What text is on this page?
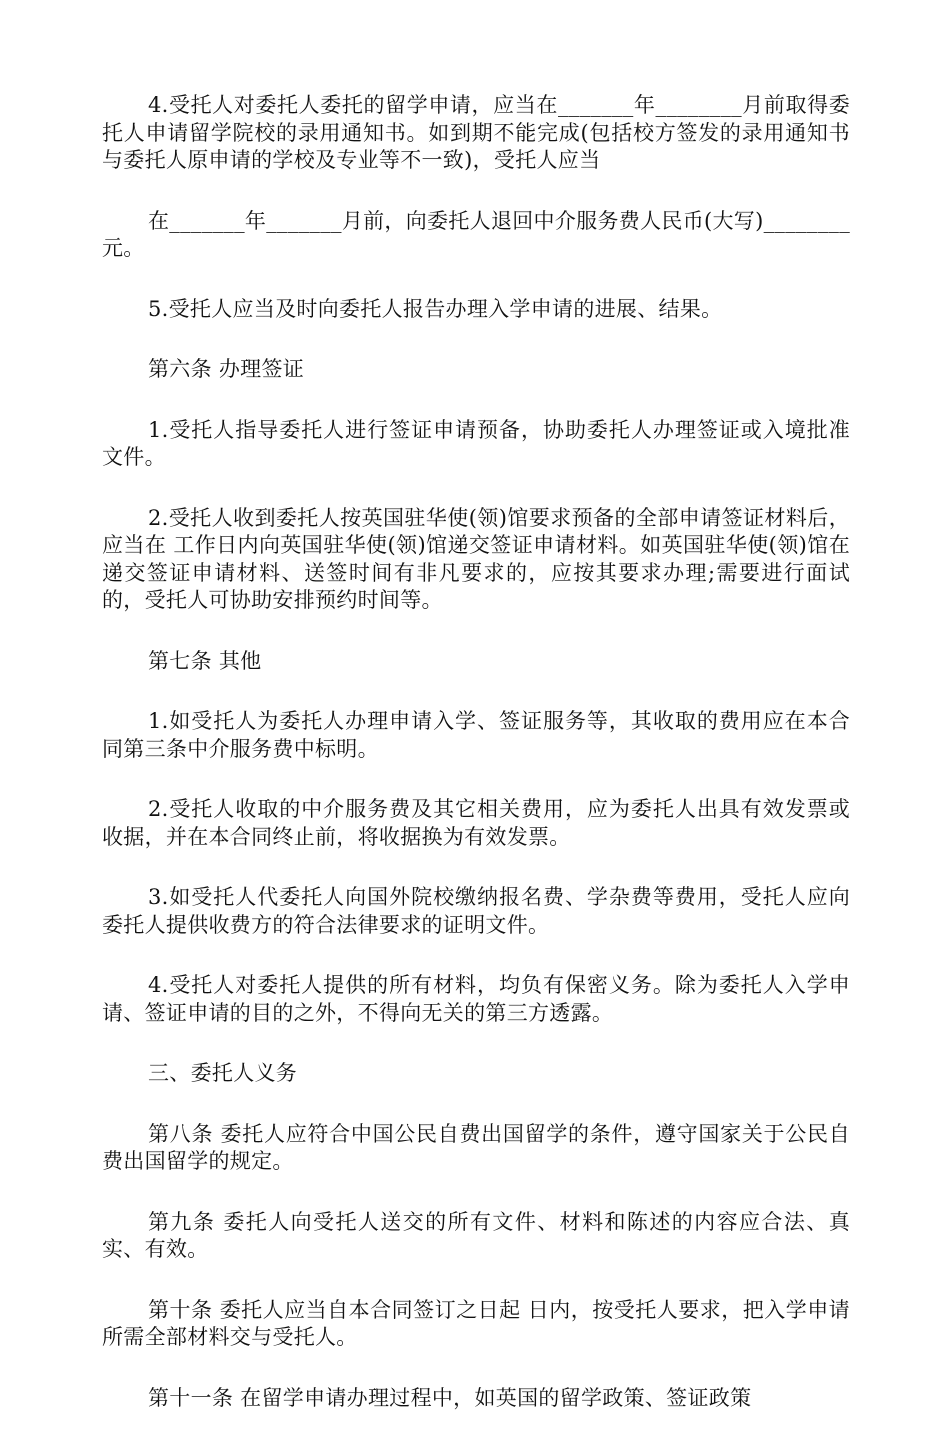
4.受托人对委托人委托的留学申请，应当在_______年________月前取得委托人申请留学院校的录用通知书。如到期不能完成(包括校方签发的录用通知书与委托人原申请的学校及专业等不一致)，受托人应当

在_______年_______月前，向委托人退回中介服务费人民币(大写)________元。

5.受托人应当及时向委托人报告办理入学申请的进展、结果。

第六条 办理签证

1.受托人指导委托人进行签证申请预备，协助委托人办理签证或入境批准文件。

2.受托人收到委托人按英国驻华使(领)馆要求预备的全部申请签证材料后，应当在 工作日内向英国驻华使(领)馆递交签证申请材料。如英国驻华使(领)馆在递交签证申请材料、送签时间有非凡要求的，应按其要求办理;需要进行面试的，受托人可协助安排预约时间等。

第七条 其他

1.如受托人为委托人办理申请入学、签证服务等，其收取的费用应在本合同第三条中介服务费中标明。

2.受托人收取的中介服务费及其它相关费用，应为委托人出具有效发票或收据，并在本合同终止前，将收据换为有效发票。

3.如受托人代委托人向国外院校缴纳报名费、学杂费等费用，受托人应向委托人提供收费方的符合法律要求的证明文件。

4.受托人对委托人提供的所有材料，均负有保密义务。除为委托人入学申请、签证申请的目的之外，不得向无关的第三方透露。

三、委托人义务

第八条 委托人应符合中国公民自费出国留学的条件，遵守国家关于公民自费出国留学的规定。

第九条 委托人向受托人送交的所有文件、材料和陈述的内容应合法、真实、有效。

第十条 委托人应当自本合同签订之日起 日内，按受托人要求，把入学申请所需全部材料交与受托人。

第十一条 在留学申请办理过程中，如英国的留学政策、签证政策
